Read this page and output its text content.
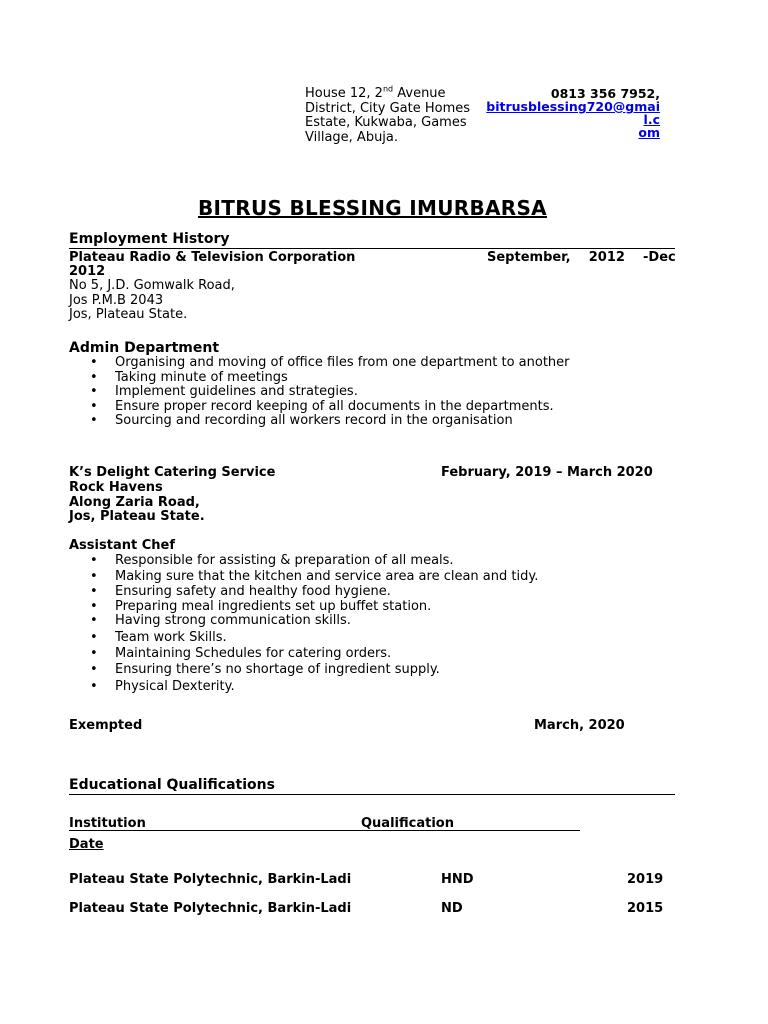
House 12, 2nd Avenue
District, City Gate Homes
Estate, Kukwaba, Games
Village, Abuja.
0813 356 7952,
bitrusblessing720@gmail.c
om
BITRUS BLESSING IMURBARSA
Employment History
Plateau Radio & Television Corporation	September,    2012    -Dec
2012
No 5, J.D. Gomwalk Road,
Jos P.M.B 2043
Jos, Plateau State.
Admin Department
• Organising and moving of office files from one department to another
• Taking minute of meetings
• Implement guidelines and strategies.
• Ensure proper record keeping of all documents in the departments.
• Sourcing and recording all workers record in the organisation
K’s Delight Catering Service	February, 2019 – March 2020
Rock Havens
Along Zaria Road,
Jos, Plateau State.
Assistant Chef
• Responsible for assisting & preparation of all meals.
• Making sure that the kitchen and service area are clean and tidy.
• Ensuring safety and healthy food hygiene.
• Preparing meal ingredients set up buffet station.
• Having strong communication skills.
• Team work Skills.
• Maintaining Schedules for catering orders.
• Ensuring there’s no shortage of ingredient supply.
• Physical Dexterity.
Exempted	March, 2020
Educational Qualifications
Institution	Qualification
Date
Plateau State Polytechnic, Barkin-Ladi	HND	2019
Plateau State Polytechnic, Barkin-Ladi	ND	2015
